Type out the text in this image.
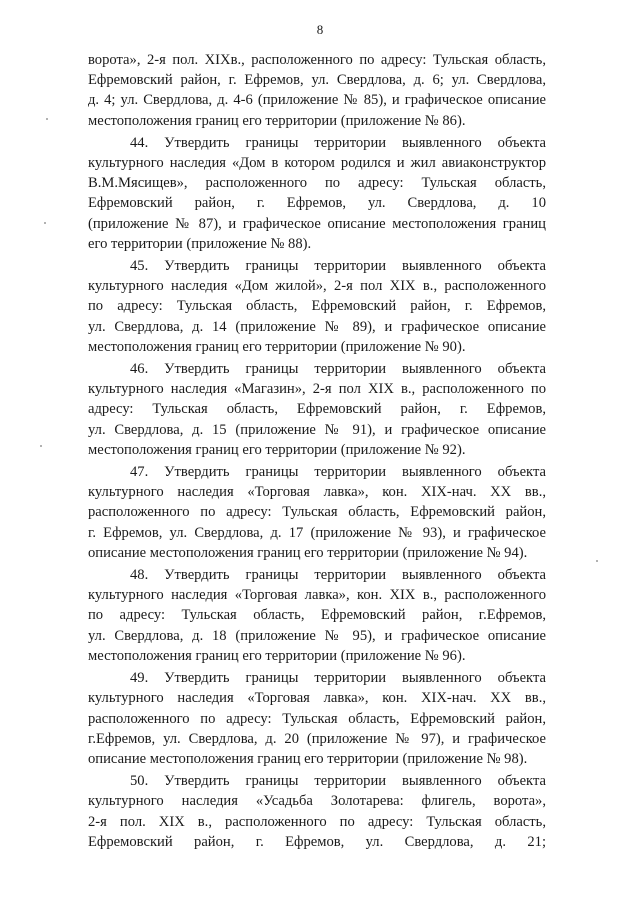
8
ворота», 2-я пол. XIXв., расположенного по адресу: Тульская область,
Ефремовский район, г. Ефремов, ул. Свердлова, д. 6; ул. Свердлова,
д. 4; ул. Свердлова, д. 4-6 (приложение № 85), и графическое описание
местоположения границ его территории (приложение № 86).
44. Утвердить границы территории выявленного объекта
культурного наследия «Дом в котором родился и жил авиаконструктор
В.М.Мясищев», расположенного по адресу: Тульская область,
Ефремовский район, г. Ефремов, ул. Свердлова, д. 10
(приложение № 87), и графическое описание местоположения границ
его территории (приложение № 88).
45. Утвердить границы территории выявленного объекта
культурного наследия «Дом жилой», 2-я пол XIX в., расположенного
по адресу: Тульская область, Ефремовский район, г. Ефремов,
ул. Свердлова, д. 14 (приложение № 89), и графическое описание
местоположения границ его территории (приложение № 90).
46. Утвердить границы территории выявленного объекта
культурного наследия «Магазин», 2-я пол XIX в., расположенного по
адресу: Тульская область, Ефремовский район, г. Ефремов,
ул. Свердлова, д. 15 (приложение № 91), и графическое описание
местоположения границ его территории (приложение № 92).
47. Утвердить границы территории выявленного объекта
культурного наследия «Торговая лавка», кон. XIX-нач. XX вв.,
расположенного по адресу: Тульская область, Ефремовский район,
г. Ефремов, ул. Свердлова, д. 17 (приложение № 93), и графическое
описание местоположения границ его территории (приложение № 94).
48. Утвердить границы территории выявленного объекта
культурного наследия «Торговая лавка», кон. XIX в., расположенного
по адресу: Тульская область, Ефремовский район, г.Ефремов,
ул. Свердлова, д. 18 (приложение № 95), и графическое описание
местоположения границ его территории (приложение № 96).
49. Утвердить границы территории выявленного объекта
культурного наследия «Торговая лавка», кон. XIX-нач. XX вв.,
расположенного по адресу: Тульская область, Ефремовский район,
г.Ефремов, ул. Свердлова, д. 20 (приложение № 97), и графическое
описание местоположения границ его территории (приложение № 98).
50. Утвердить границы территории выявленного объекта
культурного наследия «Усадьба Золотарева: флигель, ворота»,
2-я пол. XIX в., расположенного по адресу: Тульская область,
Ефремовский район, г. Ефремов, ул. Свердлова, д. 21;
